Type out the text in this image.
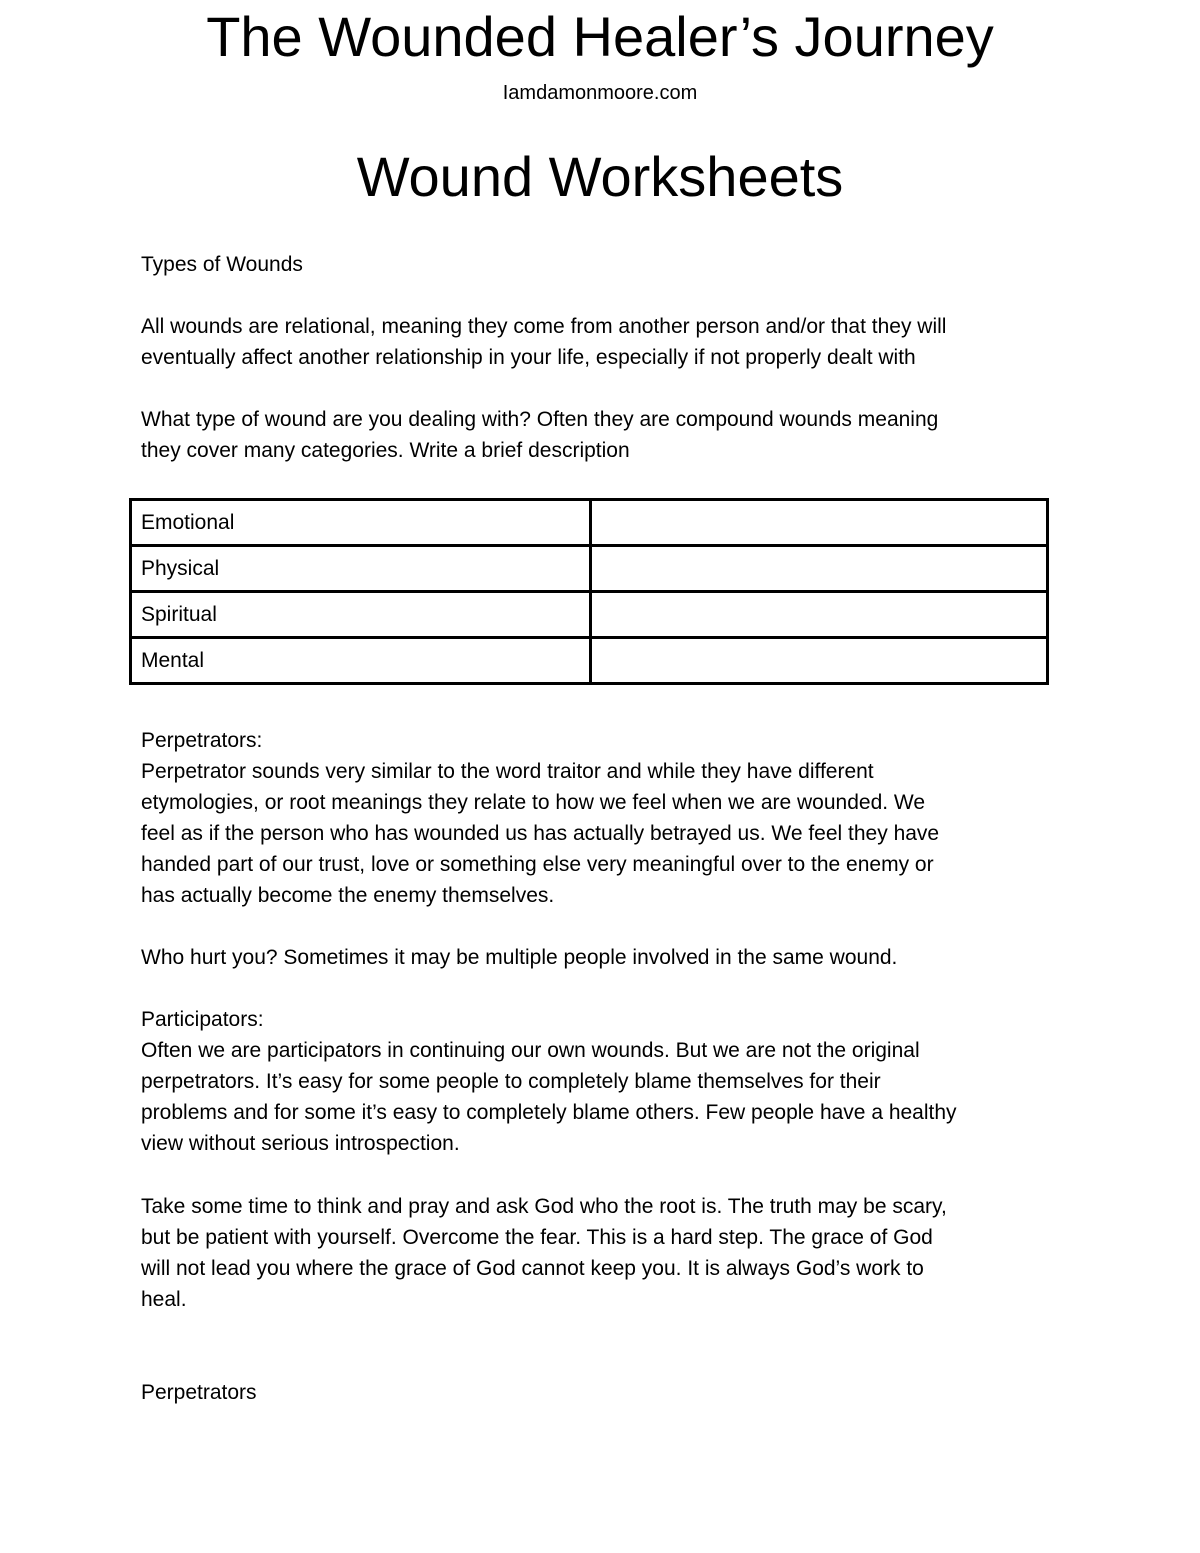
The Wounded Healer’s Journey
Iamdamonmoore.com
Wound Worksheets

Types of Wounds

All wounds are relational, meaning they come from another person and/or that they will
eventually affect another relationship in your life, especially if not properly dealt with
What type of wound are you dealing with? Often they are compound wounds meaning
they cover many categories. Write a brief description
Emotional	
Physical	
Spiritual	
Mental	
Perpetrators:
Perpetrator sounds very similar to the word traitor and while they have different
etymologies, or root meanings they relate to how we feel when we are wounded. We
feel as if the person who has wounded us has actually betrayed us. We feel they have
handed part of our trust, love or something else very meaningful over to the enemy or
has actually become the enemy themselves.

Who hurt you? Sometimes it may be multiple people involved in the same wound.

Participators:
Often we are participators in continuing our own wounds. But we are not the original
perpetrators. It’s easy for some people to completely blame themselves for their
problems and for some it’s easy to completely blame others. Few people have a healthy
view without serious introspection.
Take some time to think and pray and ask God who the root is. The truth may be scary,
but be patient with yourself. Overcome the fear. This is a hard step. The grace of God
will not lead you where the grace of God cannot keep you. It is always God’s work to
heal.

Perpetrators
